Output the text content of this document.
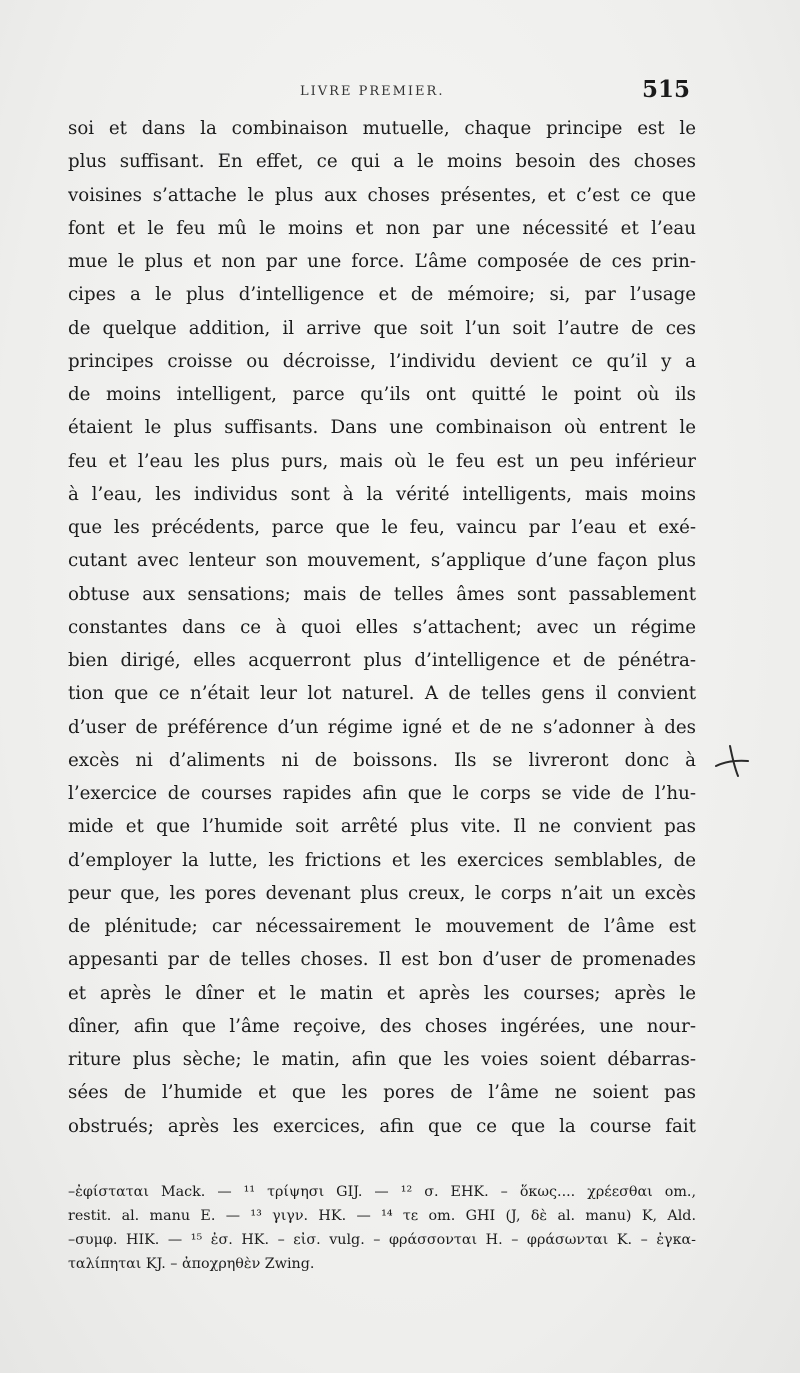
LIVRE PREMIER.	515
soi et dans la combinaison mutuelle, chaque principe est le
plus suffisant. En effet, ce qui a le moins besoin des choses
voisines s’attache le plus aux choses présentes, et c’est ce que
font et le feu mû le moins et non par une nécessité et l’eau
mue le plus et non par une force. L’âme composée de ces prin-
cipes a le plus d’intelligence et de mémoire; si, par l’usage
de quelque addition, il arrive que soit l’un soit l’autre de ces
principes croisse ou décroisse, l’individu devient ce qu’il y a
de moins intelligent, parce qu’ils ont quitté le point où ils
étaient le plus suffisants. Dans une combinaison où entrent le
feu et l’eau les plus purs, mais où le feu est un peu inférieur
à l’eau, les individus sont à la vérité intelligents, mais moins
que les précédents, parce que le feu, vaincu par l’eau et exé-
cutant avec lenteur son mouvement, s’applique d’une façon plus
obtuse aux sensations; mais de telles âmes sont passablement
constantes dans ce à quoi elles s’attachent; avec un régime
bien dirigé, elles acquerront plus d’intelligence et de pénétra-
tion que ce n’était leur lot naturel. A de telles gens il convient
d’user de préférence d’un régime igné et de ne s’adonner à des
excès ni d’aliments ni de boissons. Ils se livreront donc à
l’exercice de courses rapides afin que le corps se vide de l’hu-
mide et que l’humide soit arrêté plus vite. Il ne convient pas
d’employer la lutte, les frictions et les exercices semblables, de
peur que, les pores devenant plus creux, le corps n’ait un excès
de plénitude; car nécessairement le mouvement de l’âme est
appesanti par de telles choses. Il est bon d’user de promenades
et après le dîner et le matin et après les courses; après le
dîner, afin que l’âme reçoive, des choses ingérées, une nour-
riture plus sèche; le matin, afin que les voies soient débarras-
sées de l’humide et que les pores de l’âme ne soient pas
obstrués; après les exercices, afin que ce que la course fait
–ἐφίσταται Mack. — ¹¹ τρίψησι GIJ. — ¹² σ. EHK. – ὅκως.... χρέεσθαι om.,
restit. al. manu E. — ¹³ γιγν. HK. — ¹⁴ τε om. GHI (J, δὲ al. manu) K, Ald.
–συμφ. HIK. — ¹⁵ ἐσ. HK. – εἰσ. vulg. – φράσσονται H. – φράσωνται K. – ἐγκα-
ταλίπηται KJ. – ἀποχρηθὲν Zwing.
